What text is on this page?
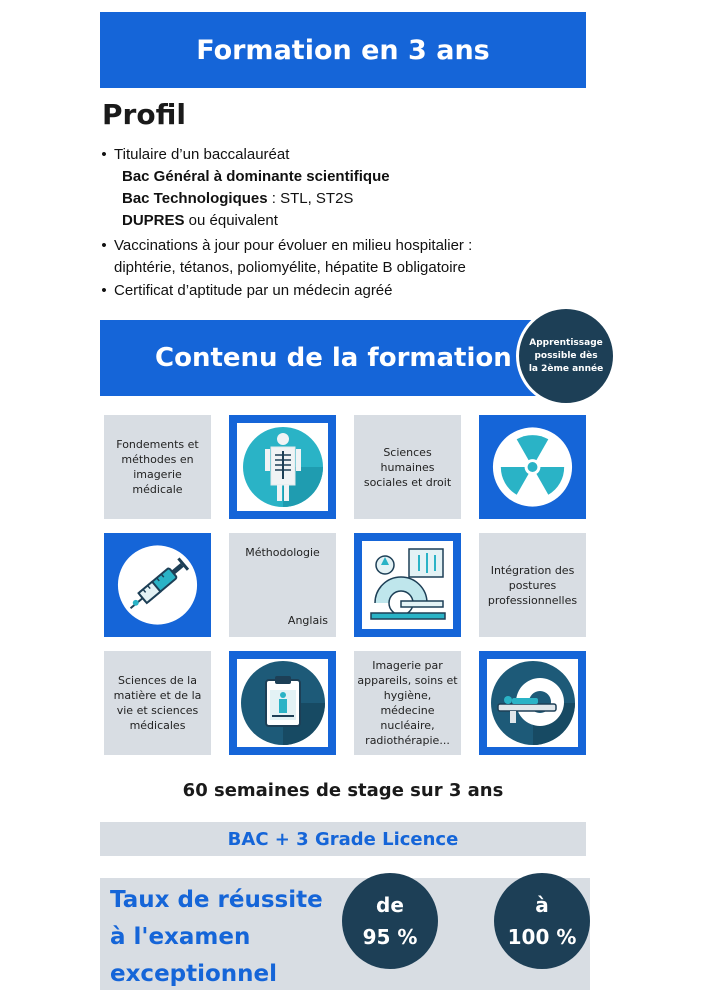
Formation en 3 ans
Profil
• Titulaire d’un baccalauréat
Bac Général à dominante scientifique
Bac Technologiques : STL, ST2S
DUPRES ou équivalent
• Vaccinations à jour pour évoluer en milieu hospitalier :
diphtérie, tétanos, poliomyélite, hépatite B obligatoire
• Certificat d’aptitude par un médecin agréé
Contenu de la formation
Apprentissage
possible dès
la 2ème année
Fondements et méthodes en imagerie médicale
Sciences humaines sociales et droit
Méthodologie
Anglais
Intégration des postures professionnelles
Sciences de la matière et de la vie et sciences médicales
Imagerie par appareils, soins et hygiène, médecine nucléaire, radiothérapie...
60 semaines de stage sur 3 ans
BAC + 3 Grade Licence
Taux de réussite
à l'examen
exceptionnel
de
95 %
à
100 %
